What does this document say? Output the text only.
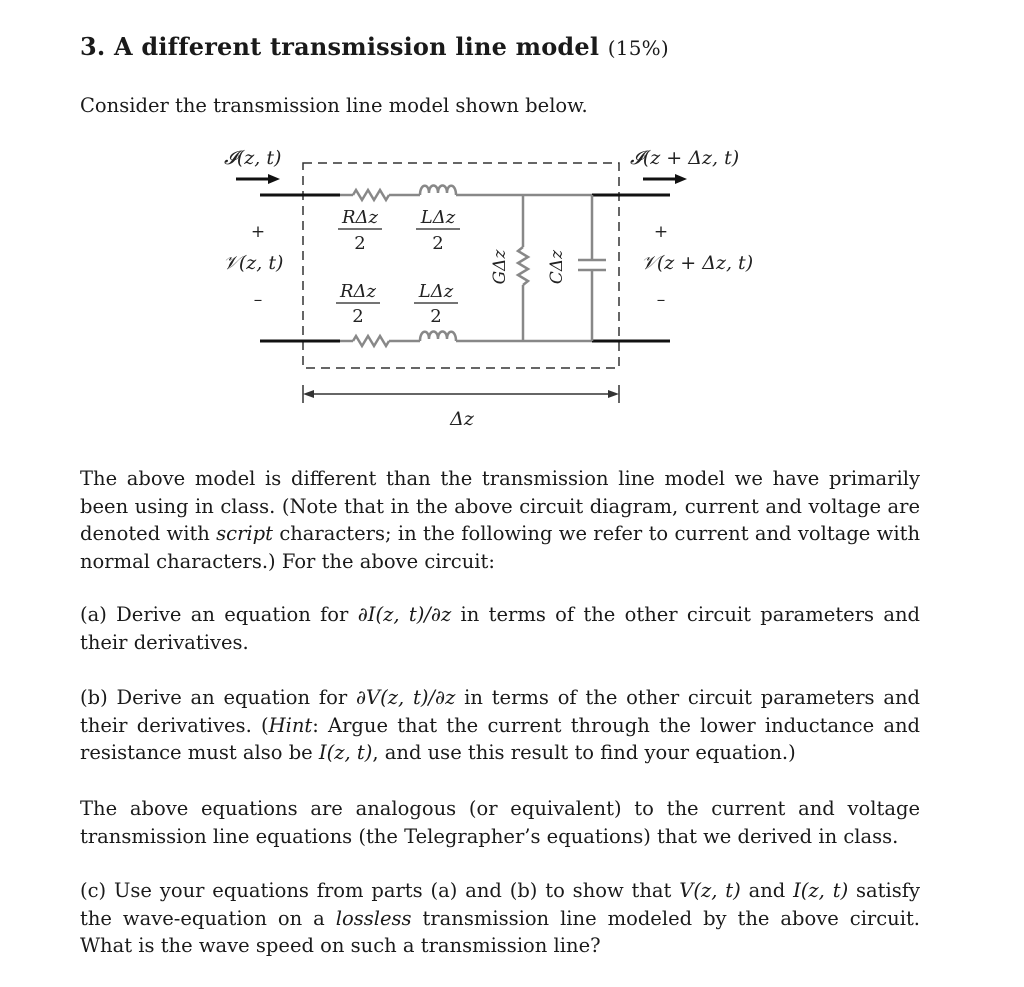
3. A different transmission line model (15%)

Consider the transmission line model shown below.

𝓘(z, t)	𝓘(z + Δz, t)
+
𝒱(z, t)
–
+
𝒱(z + Δz, t)
–
RΔz
2
LΔz
2
RΔz
2
LΔz
2
GΔz CΔz
Δz

The above model is different than the transmission line model we have primarily been using in class. (Note that in the above circuit diagram, current and voltage are denoted with script characters; in the following we refer to current and voltage with normal characters.) For the above circuit:

(a) Derive an equation for ∂I(z, t)/∂z in terms of the other circuit parameters and their derivatives.

(b) Derive an equation for ∂V(z, t)/∂z in terms of the other circuit parameters and their derivatives. (Hint: Argue that the current through the lower inductance and resistance must also be I(z, t), and use this result to find your equation.)

The above equations are analogous (or equivalent) to the current and voltage transmission line equations (the Telegrapher’s equations) that we derived in class.

(c) Use your equations from parts (a) and (b) to show that V(z, t) and I(z, t) satisfy the wave-equation on a lossless transmission line modeled by the above circuit. What is the wave speed on such a transmission line?
